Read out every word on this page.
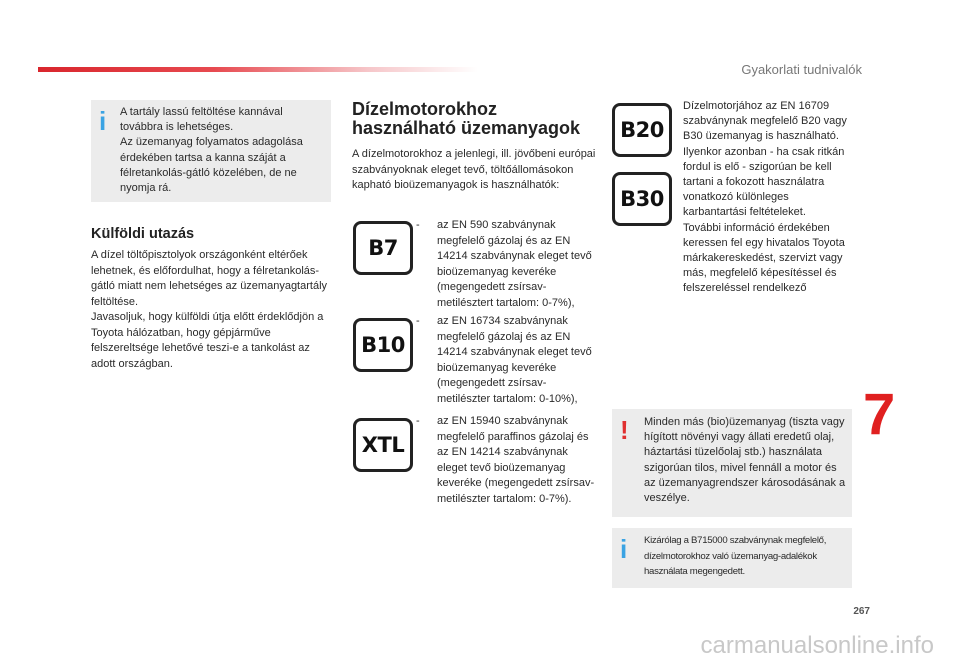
Gyakorlati tudnivalók
i A tartály lassú feltöltése kannával továbbra is lehetséges.
Az üzemanyag folyamatos adagolása érdekében tartsa a kanna száját a félretankolás-gátló közelében, de ne nyomja rá.
Külföldi utazás
A dízel töltőpisztolyok országonként eltérőek lehetnek, és előfordulhat, hogy a félretankolás-gátló miatt nem lehetséges az üzemanyagtartály feltöltése.
Javasoljuk, hogy külföldi útja előtt érdeklődjön a Toyota hálózatban, hogy gépjárműve felszereltsége lehetővé teszi-e a tankolást az adott országban.
Dízelmotorokhoz használható üzemanyagok
A dízelmotorokhoz a jelenlegi, ill. jövőbeni európai szabványoknak eleget tevő, töltőállomásokon kapható bioüzemanyagok is használhatók:
B7
- az EN 590 szabványnak megfelelő gázolaj és az EN 14214 szabványnak eleget tevő bioüzemanyag keveréke (megengedett zsírsav-metilésztert tartalom: 0-7%),
B10
- az EN 16734 szabványnak megfelelő gázolaj és az EN 14214 szabványnak eleget tevő bioüzemanyag keveréke (megengedett zsírsav-metilészter tartalom: 0-10%),
XTL
- az EN 15940 szabványnak megfelelő paraffinos gázolaj és az EN 14214 szabványnak eleget tevő bioüzemanyag keveréke (megengedett zsírsav-metilészter tartalom: 0-7%).
B20
B30
Dízelmotorjához az EN 16709 szabványnak megfelelő B20 vagy B30 üzemanyag is használható. Ilyenkor azonban - ha csak ritkán fordul is elő - szigorúan be kell tartani a fokozott használatra vonatkozó különleges karbantartási feltételeket.
További információ érdekében keressen fel egy hivatalos Toyota márkakereskedést, szervizt vagy más, megfelelő képesítéssel és felszereléssel rendelkező
! Minden más (bio)üzemanyag (tiszta vagy hígított növényi vagy állati eredetű olaj, háztartási tüzelőolaj stb.) használata szigorúan tilos, mivel fennáll a motor és az üzemanyagrendszer károsodásának a veszélye.
i Kizárólag a B715000 szabványnak megfelelő, dízelmotorokhoz való üzemanyag-adalékok használata megengedett.
7
267
carmanualsonline.info
